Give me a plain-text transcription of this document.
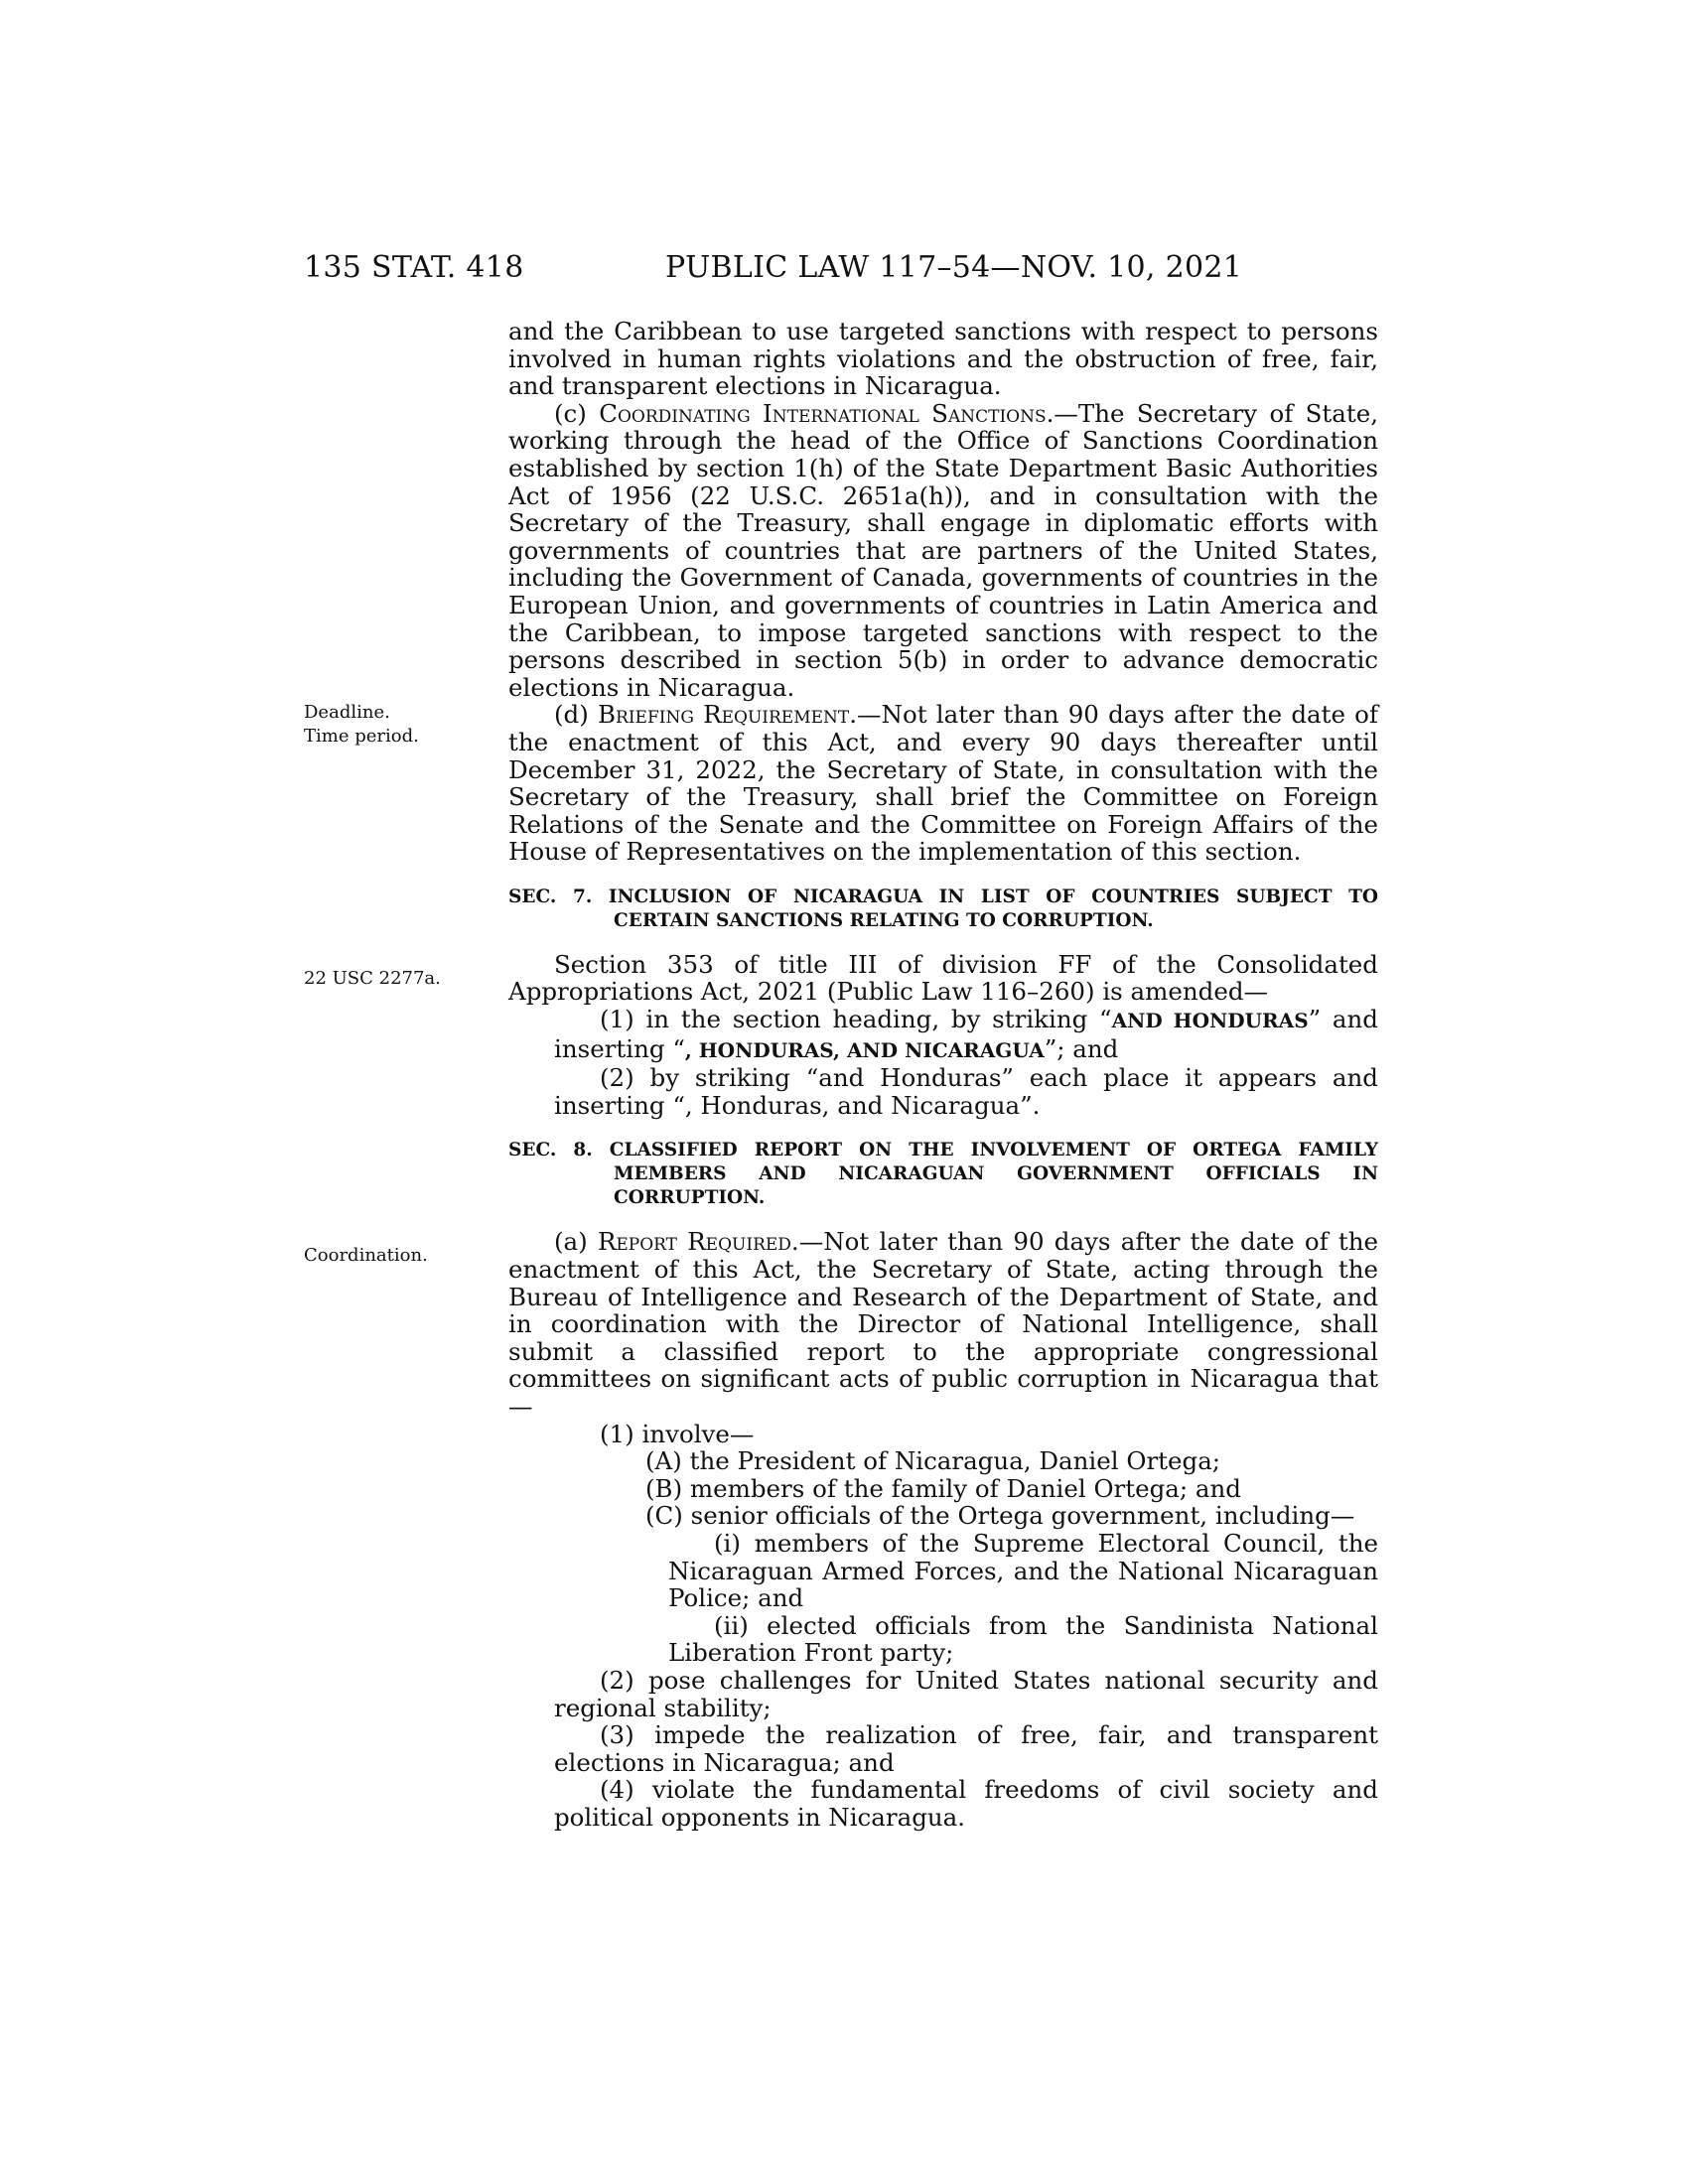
135 STAT. 418	PUBLIC LAW 117–54—NOV. 10, 2021
Deadline.
Time period.
22 USC 2277a.
Coordination.

and the Caribbean to use targeted sanctions with respect to persons involved in human rights violations and the obstruction of free, fair, and transparent elections in Nicaragua.

(c) Coordinating International Sanctions.—The Secretary of State, working through the head of the Office of Sanctions Coordination established by section 1(h) of the State Department Basic Authorities Act of 1956 (22 U.S.C. 2651a(h)), and in consultation with the Secretary of the Treasury, shall engage in diplomatic efforts with governments of countries that are partners of the United States, including the Government of Canada, governments of countries in the European Union, and governments of countries in Latin America and the Caribbean, to impose targeted sanctions with respect to the persons described in section 5(b) in order to advance democratic elections in Nicaragua.

(d) Briefing Requirement.—Not later than 90 days after the date of the enactment of this Act, and every 90 days thereafter until December 31, 2022, the Secretary of State, in consultation with the Secretary of the Treasury, shall brief the Committee on Foreign Relations of the Senate and the Committee on Foreign Affairs of the House of Representatives on the implementation of this section.

SEC. 7. INCLUSION OF NICARAGUA IN LIST OF COUNTRIES SUBJECT TO CERTAIN SANCTIONS RELATING TO CORRUPTION.

Section 353 of title III of division FF of the Consolidated Appropriations Act, 2021 (Public Law 116–260) is amended—

(1) in the section heading, by striking “AND HONDURAS” and inserting “, HONDURAS, AND NICARAGUA”; and

(2) by striking “and Honduras” each place it appears and inserting “, Honduras, and Nicaragua”.

SEC. 8. CLASSIFIED REPORT ON THE INVOLVEMENT OF ORTEGA FAMILY MEMBERS AND NICARAGUAN GOVERNMENT OFFICIALS IN CORRUPTION.

(a) Report Required.—Not later than 90 days after the date of the enactment of this Act, the Secretary of State, acting through the Bureau of Intelligence and Research of the Department of State, and in coordination with the Director of National Intelligence, shall submit a classified report to the appropriate congressional committees on significant acts of public corruption in Nicaragua that—

(1) involve—

(A) the President of Nicaragua, Daniel Ortega;

(B) members of the family of Daniel Ortega; and

(C) senior officials of the Ortega government, including—

(i) members of the Supreme Electoral Council, the Nicaraguan Armed Forces, and the National Nicaraguan Police; and

(ii) elected officials from the Sandinista National Liberation Front party;

(2) pose challenges for United States national security and regional stability;

(3) impede the realization of free, fair, and transparent elections in Nicaragua; and

(4) violate the fundamental freedoms of civil society and political opponents in Nicaragua.
